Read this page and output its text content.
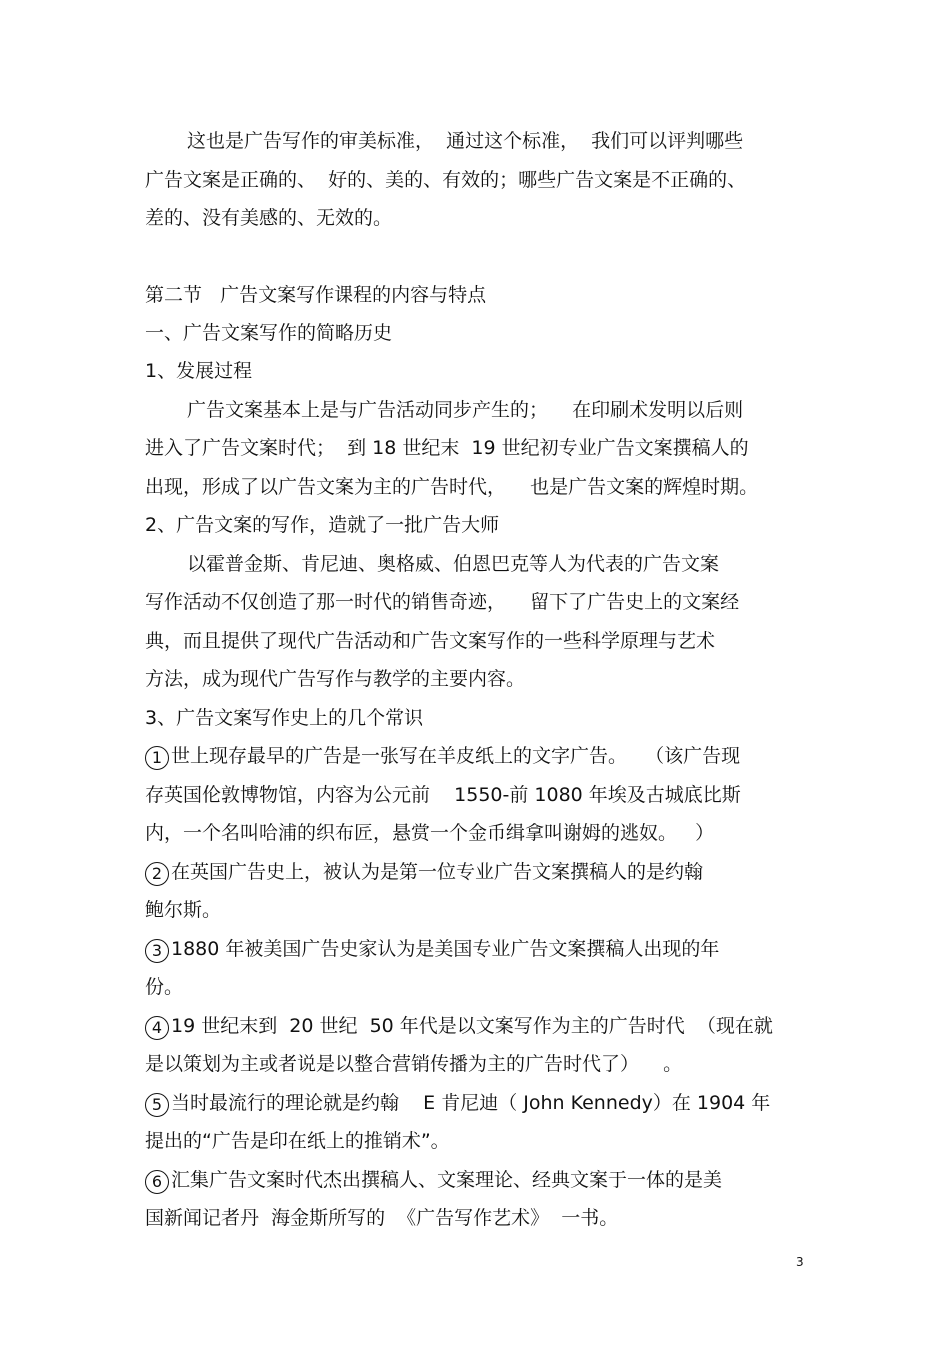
这也是广告写作的审美标准，  通过这个标准，  我们可以评判哪些
广告文案是正确的、  好的、美的、有效的；哪些广告文案是不正确的、
差的、没有美感的、无效的。
第二节   广告文案写作课程的内容与特点
一、广告文案写作的简略历史
1、发展过程
广告文案基本上是与广告活动同步产生的；    在印刷术发明以后则
进入了广告文案时代；  到 18 世纪末  19 世纪初专业广告文案撰稿人的
出现，形成了以广告文案为主的广告时代，    也是广告文案的辉煌时期。
2、广告文案的写作，造就了一批广告大师
以霍普金斯、肯尼迪、奥格威、伯恩巴克等人为代表的广告文案
写作活动不仅创造了那一时代的销售奇迹，    留下了广告史上的文案经
典，而且提供了现代广告活动和广告文案写作的一些科学原理与艺术
方法，成为现代广告写作与教学的主要内容。
3、广告文案写作史上的几个常识
1 世上现存最早的广告是一张写在羊皮纸上的文字广告。   （该广告现
存英国伦敦博物馆，内容为公元前    1550-前 1080 年埃及古城底比斯
内，一个名叫哈浦的织布匠，悬赏一个金币缉拿叫谢姆的逃奴。   ）
2 在英国广告史上，被认为是第一位专业广告文案撰稿人的是约翰
鲍尔斯。
3 1880 年被美国广告史家认为是美国专业广告文案撰稿人出现的年
份。
4 19 世纪末到  20 世纪  50 年代是以文案写作为主的广告时代  （现在就
是以策划为主或者说是以整合营销传播为主的广告时代了）    。
5 当时最流行的理论就是约翰    E 肯尼迪（ John Kennedy）在 1904 年
提出的“广告是印在纸上的推销术”。
6 汇集广告文案时代杰出撰稿人、文案理论、经典文案于一体的是美
国新闻记者丹  海金斯所写的  《广告写作艺术》  一书。
3
